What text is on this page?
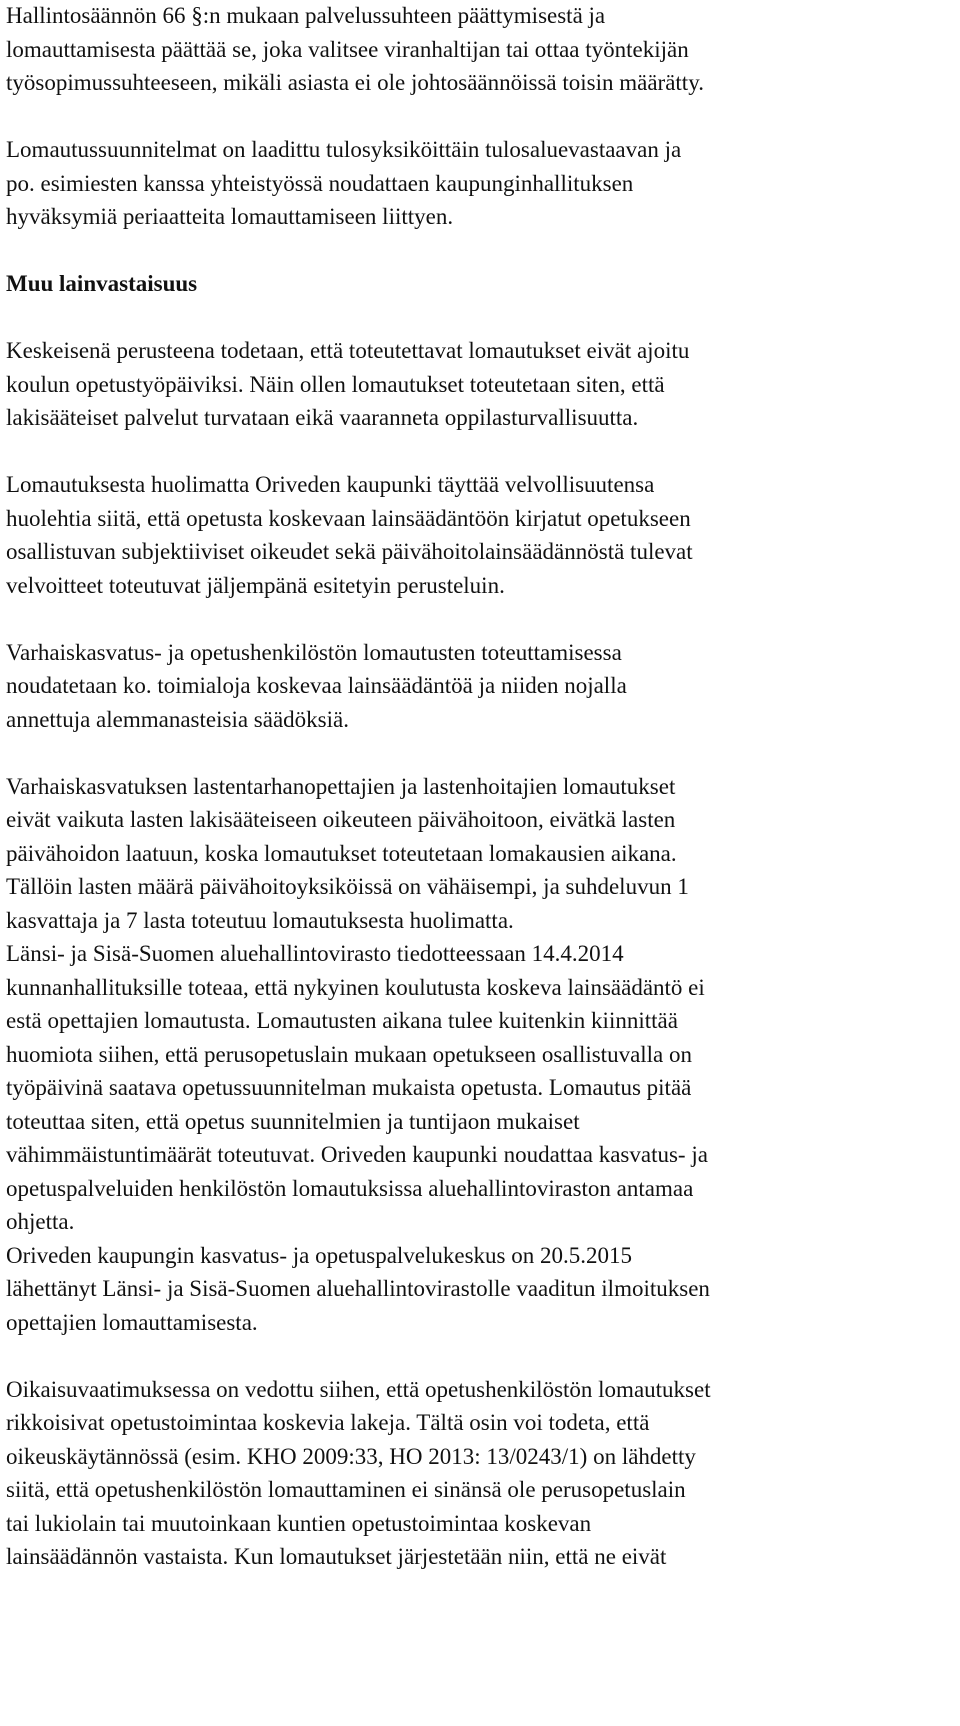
Hallintosäännön 66 §:n mukaan palvelussuhteen päättymisestä ja
lomauttamisesta päättää se, joka valitsee viranhaltijan tai ottaa työntekijän
työsopimussuhteeseen, mikäli asiasta ei ole johtosäännöissä toisin määrätty.
Lomautussuunnitelmat on laadittu tulosyksiköittäin tulosaluevastaavan ja
po. esimiesten kanssa yhteistyössä noudattaen kaupunginhallituksen
hyväksymiä periaatteita lomauttamiseen liittyen.
Muu lainvastaisuus
Keskeisenä perusteena todetaan, että toteutettavat lomautukset eivät ajoitu
koulun opetustyöpäiviksi. Näin ollen lomautukset toteutetaan siten, että
lakisääteiset palvelut turvataan eikä vaaranneta oppilasturvallisuutta.
Lomautuksesta huolimatta Oriveden kaupunki täyttää velvollisuutensa
huolehtia siitä, että opetusta koskevaan lainsäädäntöön kirjatut opetukseen
osallistuvan subjektiiviset oikeudet sekä päivähoitolainsäädännöstä tulevat
velvoitteet toteutuvat jäljempänä esitetyin perusteluin.
Varhaiskasvatus- ja opetushenkilöstön lomautusten toteuttamisessa
noudatetaan ko. toimialoja koskevaa lainsäädäntöä ja niiden nojalla
annettuja alemmanasteisia säädöksiä.
Varhaiskasvatuksen lastentarhanopettajien ja lastenhoitajien lomautukset
eivät vaikuta lasten lakisääteiseen oikeuteen päivähoitoon, eivätkä lasten
päivähoidon laatuun, koska lomautukset toteutetaan lomakausien aikana.
Tällöin lasten määrä päivähoitoyksiköissä on vähäisempi, ja suhdeluvun 1
kasvattaja ja 7 lasta toteutuu lomautuksesta huolimatta.
Länsi- ja Sisä-Suomen aluehallintovirasto tiedotteessaan 14.4.2014
kunnanhallituksille toteaa, että nykyinen koulutusta koskeva lainsäädäntö ei
estä opettajien lomautusta. Lomautusten aikana tulee kuitenkin kiinnittää
huomiota siihen, että perusopetuslain mukaan opetukseen osallistuvalla on
työpäivinä saatava opetussuunnitelman mukaista opetusta. Lomautus pitää
toteuttaa siten, että opetus suunnitelmien ja tuntijaon mukaiset
vähimmäistuntimäärät toteutuvat. Oriveden kaupunki noudattaa kasvatus- ja
opetuspalveluiden henkilöstön lomautuksissa aluehallintoviraston antamaa
ohjetta.
Oriveden kaupungin kasvatus- ja opetuspalvelukeskus on 20.5.2015
lähettänyt Länsi- ja Sisä-Suomen aluehallintovirastolle vaaditun ilmoituksen
opettajien lomauttamisesta.
Oikaisuvaatimuksessa on vedottu siihen, että opetushenkilöstön lomautukset
rikkoisivat opetustoimintaa koskevia lakeja. Tältä osin voi todeta, että
oikeuskäytännössä (esim. KHO 2009:33, HO 2013: 13/0243/1) on lähdetty
siitä, että opetushenkilöstön lomauttaminen ei sinänsä ole perusopetuslain
tai lukiolain tai muutoinkaan kuntien opetustoimintaa koskevan
lainsäädännön vastaista. Kun lomautukset järjestetään niin, että ne eivät
